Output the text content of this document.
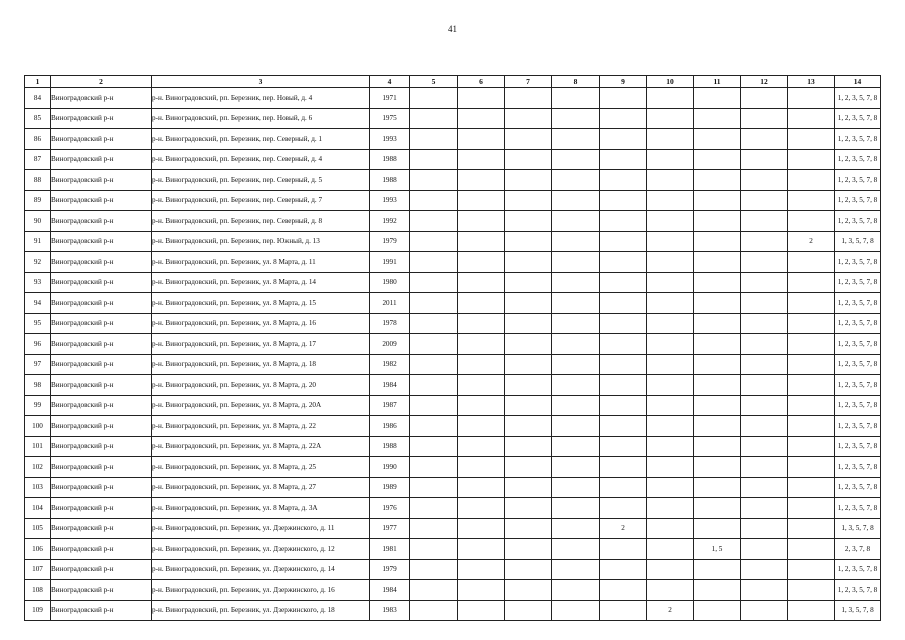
41
1	2	3	4	5	6	7	8	9	10	11	12	13	14
84	Виноградовский р-н	р-н. Виноградовский, рп. Березник, пер. Новый, д. 4	1971										1, 2, 3, 5, 7, 8
85	Виноградовский р-н	р-н. Виноградовский, рп. Березник, пер. Новый, д. 6	1975										1, 2, 3, 5, 7, 8
86	Виноградовский р-н	р-н. Виноградовский, рп. Березник, пер. Северный, д. 1	1993										1, 2, 3, 5, 7, 8
87	Виноградовский р-н	р-н. Виноградовский, рп. Березник, пер. Северный, д. 4	1988										1, 2, 3, 5, 7, 8
88	Виноградовский р-н	р-н. Виноградовский, рп. Березник, пер. Северный, д. 5	1988										1, 2, 3, 5, 7, 8
89	Виноградовский р-н	р-н. Виноградовский, рп. Березник, пер. Северный, д. 7	1993										1, 2, 3, 5, 7, 8
90	Виноградовский р-н	р-н. Виноградовский, рп. Березник, пер. Северный, д. 8	1992										1, 2, 3, 5, 7, 8
91	Виноградовский р-н	р-н. Виноградовский, рп. Березник, пер. Южный, д. 13	1979									2	1, 3, 5, 7, 8
92	Виноградовский р-н	р-н. Виноградовский, рп. Березник, ул. 8 Марта, д. 11	1991										1, 2, 3, 5, 7, 8
93	Виноградовский р-н	р-н. Виноградовский, рп. Березник, ул. 8 Марта, д. 14	1980										1, 2, 3, 5, 7, 8
94	Виноградовский р-н	р-н. Виноградовский, рп. Березник, ул. 8 Марта, д. 15	2011										1, 2, 3, 5, 7, 8
95	Виноградовский р-н	р-н. Виноградовский, рп. Березник, ул. 8 Марта, д. 16	1978										1, 2, 3, 5, 7, 8
96	Виноградовский р-н	р-н. Виноградовский, рп. Березник, ул. 8 Марта, д. 17	2009										1, 2, 3, 5, 7, 8
97	Виноградовский р-н	р-н. Виноградовский, рп. Березник, ул. 8 Марта, д. 18	1982										1, 2, 3, 5, 7, 8
98	Виноградовский р-н	р-н. Виноградовский, рп. Березник, ул. 8 Марта, д. 20	1984										1, 2, 3, 5, 7, 8
99	Виноградовский р-н	р-н. Виноградовский, рп. Березник, ул. 8 Марта, д. 20А	1987										1, 2, 3, 5, 7, 8
100	Виноградовский р-н	р-н. Виноградовский, рп. Березник, ул. 8 Марта, д. 22	1986										1, 2, 3, 5, 7, 8
101	Виноградовский р-н	р-н. Виноградовский, рп. Березник, ул. 8 Марта, д. 22А	1988										1, 2, 3, 5, 7, 8
102	Виноградовский р-н	р-н. Виноградовский, рп. Березник, ул. 8 Марта, д. 25	1990										1, 2, 3, 5, 7, 8
103	Виноградовский р-н	р-н. Виноградовский, рп. Березник, ул. 8 Марта, д. 27	1989										1, 2, 3, 5, 7, 8
104	Виноградовский р-н	р-н. Виноградовский, рп. Березник, ул. 8 Марта, д. 3А	1976										1, 2, 3, 5, 7, 8
105	Виноградовский р-н	р-н. Виноградовский, рп. Березник, ул. Дзержинского, д. 11	1977					2					1, 3, 5, 7, 8
106	Виноградовский р-н	р-н. Виноградовский, рп. Березник, ул. Дзержинского, д. 12	1981							1, 5			2, 3, 7, 8
107	Виноградовский р-н	р-н. Виноградовский, рп. Березник, ул. Дзержинского, д. 14	1979										1, 2, 3, 5, 7, 8
108	Виноградовский р-н	р-н. Виноградовский, рп. Березник, ул. Дзержинского, д. 16	1984										1, 2, 3, 5, 7, 8
109	Виноградовский р-н	р-н. Виноградовский, рп. Березник, ул. Дзержинского, д. 18	1983						2				1, 3, 5, 7, 8
